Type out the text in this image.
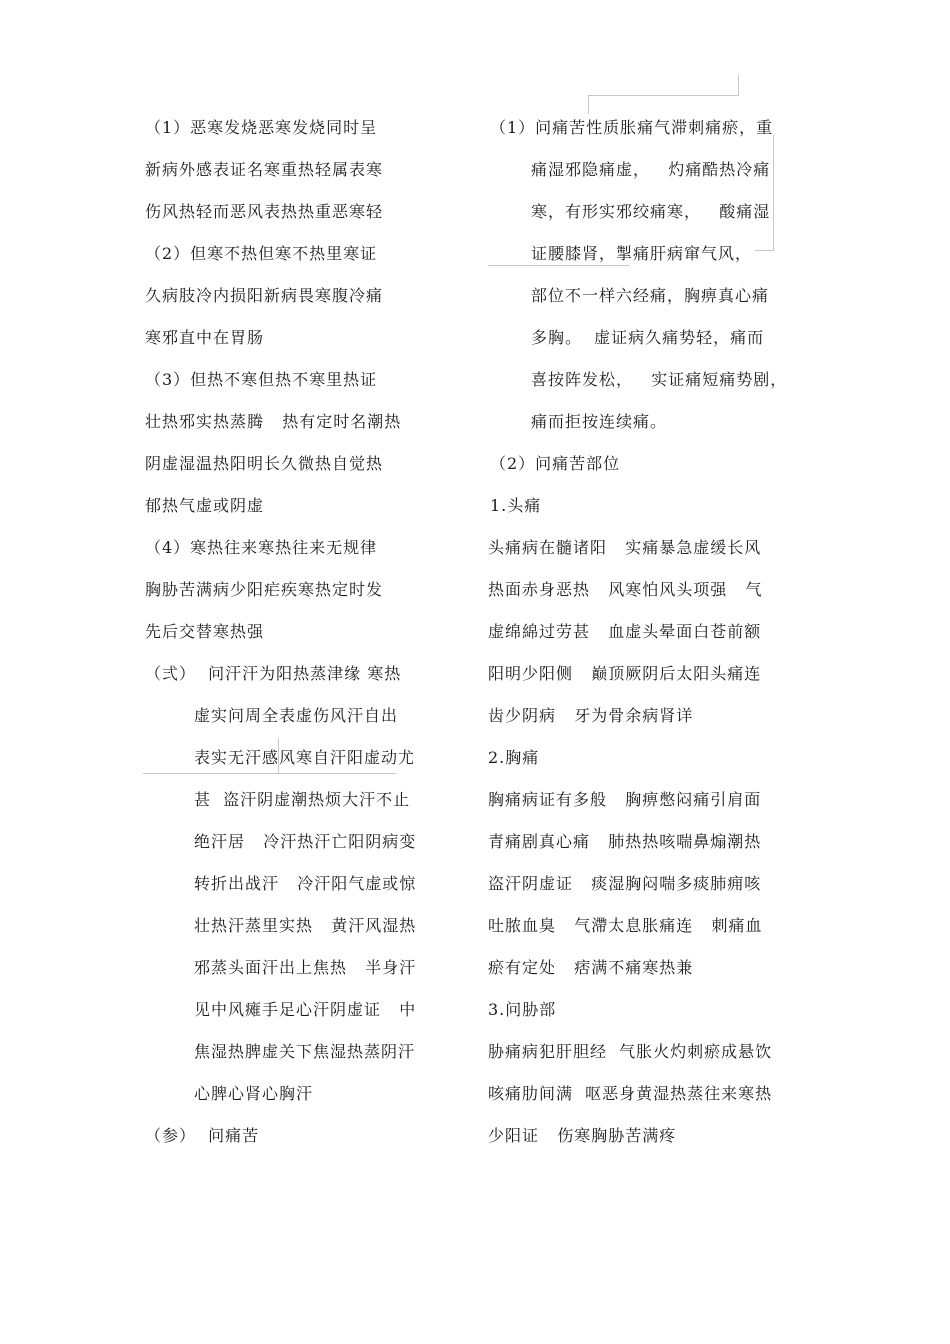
（1）恶寒发烧恶寒发烧同时呈
新病外感表证名寒重热轻属表寒
伤风热轻而恶风表热热重恶寒轻
（2）但寒不热但寒不热里寒证
久病肢冷内损阳新病畏寒腹冷痛
寒邪直中在胃肠
（3）但热不寒但热不寒里热证
壮热邪实热蒸腾   热有定时名潮热
阴虚湿温热阳明长久微热自觉热
郁热气虚或阴虚
（4）寒热往来寒热往来无规律
胸胁苦满病少阳疟疾寒热定时发
先后交替寒热强
（弍）  问汗汗为阳热蒸津缘 寒热
虚实问周全表虚伤风汗自出
表实无汗感风寒自汗阳虚动尤
甚  盗汗阴虚潮热烦大汗不止
绝汗居   冷汗热汗亡阳阴病变
转折出战汗   冷汗阳气虚或惊
壮热汗蒸里实热   黄汗风湿热
邪蒸头面汗出上焦热   半身汗
见中风瘫手足心汗阴虚证   中
焦湿热脾虚关下焦湿热蒸阴汗
心脾心肾心胸汗
（参）  问痛苦
（1）问痛苦性质胀痛气滞刺痛瘀，重
痛湿邪隐痛虚，   灼痛酷热冷痛
寒，有形实邪绞痛寒，   酸痛湿
证腰膝肾，掣痛肝病窜气风，
部位不一样六经痛，胸痹真心痛
多胸。  虚证病久痛势轻，痛而
喜按阵发松，   实证痛短痛势剧，
痛而拒按连续痛。
（2）问痛苦部位
1.头痛
头痛病在髓诸阳   实痛暴急虚缓长风
热面赤身恶热   风寒怕风头项强   气
虚绵綿过劳甚   血虚头晕面白苍前额
阳明少阳侧   巅顶厥阴后太阳头痛连
齿少阴病   牙为骨余病肾详
2.胸痛
胸痛病证有多般   胸痹憋闷痛引肩面
青痛剧真心痛   肺热热咳喘鼻煽潮热
盗汗阴虚证   痰湿胸闷喘多痰肺痈咳
吐脓血臭   气滯太息胀痛连   刺痛血
瘀有定处   痞满不痛寒热兼
3.问胁部
胁痛病犯肝胆经  气胀火灼刺瘀成悬饮
咳痛肋间满  呕恶身黄湿热蒸往来寒热
少阳证   伤寒胸胁苦满疼
